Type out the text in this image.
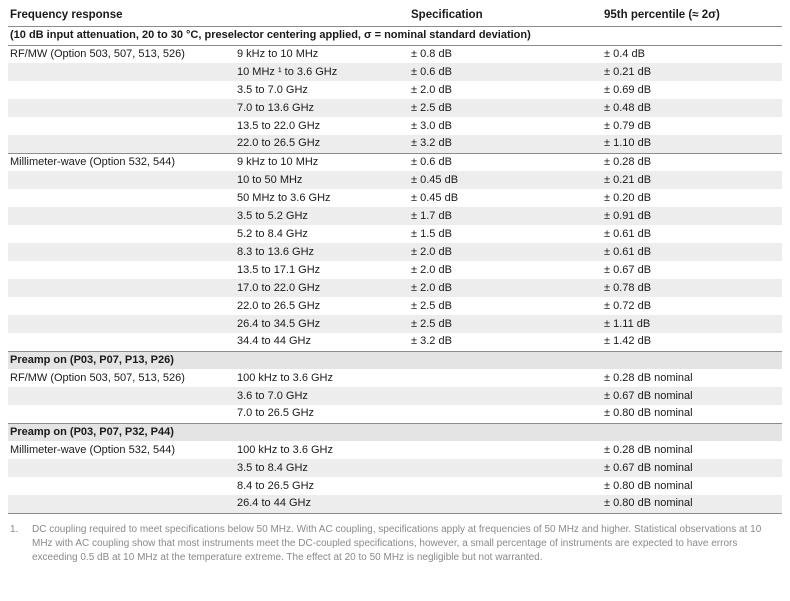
Frequency response		Specification	95th percentile (≈ 2σ)
(10 dB input attenuation, 20 to 30 °C, preselector centering applied, σ = nominal standard deviation)			
RF/MW (Option 503, 507, 513, 526)	9 kHz to 10 MHz	± 0.8 dB	± 0.4 dB
	10 MHz ¹ to 3.6 GHz	± 0.6 dB	± 0.21 dB
	3.5 to 7.0 GHz	± 2.0 dB	± 0.69 dB
	7.0 to 13.6 GHz	± 2.5 dB	± 0.48 dB
	13.5 to 22.0 GHz	± 3.0 dB	± 0.79 dB
	22.0 to 26.5 GHz	± 3.2 dB	± 1.10 dB
Millimeter-wave (Option 532, 544)	9 kHz to 10 MHz	± 0.6 dB	± 0.28 dB
	10 to 50 MHz	± 0.45 dB	± 0.21 dB
	50 MHz to 3.6 GHz	± 0.45 dB	± 0.20 dB
	3.5 to 5.2 GHz	± 1.7 dB	± 0.91 dB
	5.2 to 8.4 GHz	± 1.5 dB	± 0.61 dB
	8.3 to 13.6 GHz	± 2.0 dB	± 0.61 dB
	13.5 to 17.1 GHz	± 2.0 dB	± 0.67 dB
	17.0 to 22.0 GHz	± 2.0 dB	± 0.78 dB
	22.0 to 26.5 GHz	± 2.5 dB	± 0.72 dB
	26.4 to 34.5 GHz	± 2.5 dB	± 1.11 dB
	34.4 to 44 GHz	± 3.2 dB	± 1.42 dB
Preamp on (P03, P07, P13, P26)			
RF/MW (Option 503, 507, 513, 526)	100 kHz to 3.6 GHz		± 0.28 dB nominal
	3.6 to 7.0 GHz		± 0.67 dB nominal
	7.0 to 26.5 GHz		± 0.80 dB nominal
Preamp on (P03, P07, P32, P44)			
Millimeter-wave (Option 532, 544)	100 kHz to 3.6 GHz		± 0.28 dB nominal
	3.5 to 8.4 GHz		± 0.67 dB nominal
	8.4 to 26.5 GHz		± 0.80 dB nominal
	26.4 to 44 GHz		± 0.80 dB nominal
1.	DC coupling required to meet specifications below 50 MHz. With AC coupling, specifications apply at frequencies of 50 MHz and higher. Statistical observations at 10 MHz with AC coupling show that most instruments meet the DC-coupled specifications, however, a small percentage of instruments are expected to have errors exceeding 0.5 dB at 10 MHz at the temperature extreme. The effect at 20 to 50 MHz is negligible but not warranted.
